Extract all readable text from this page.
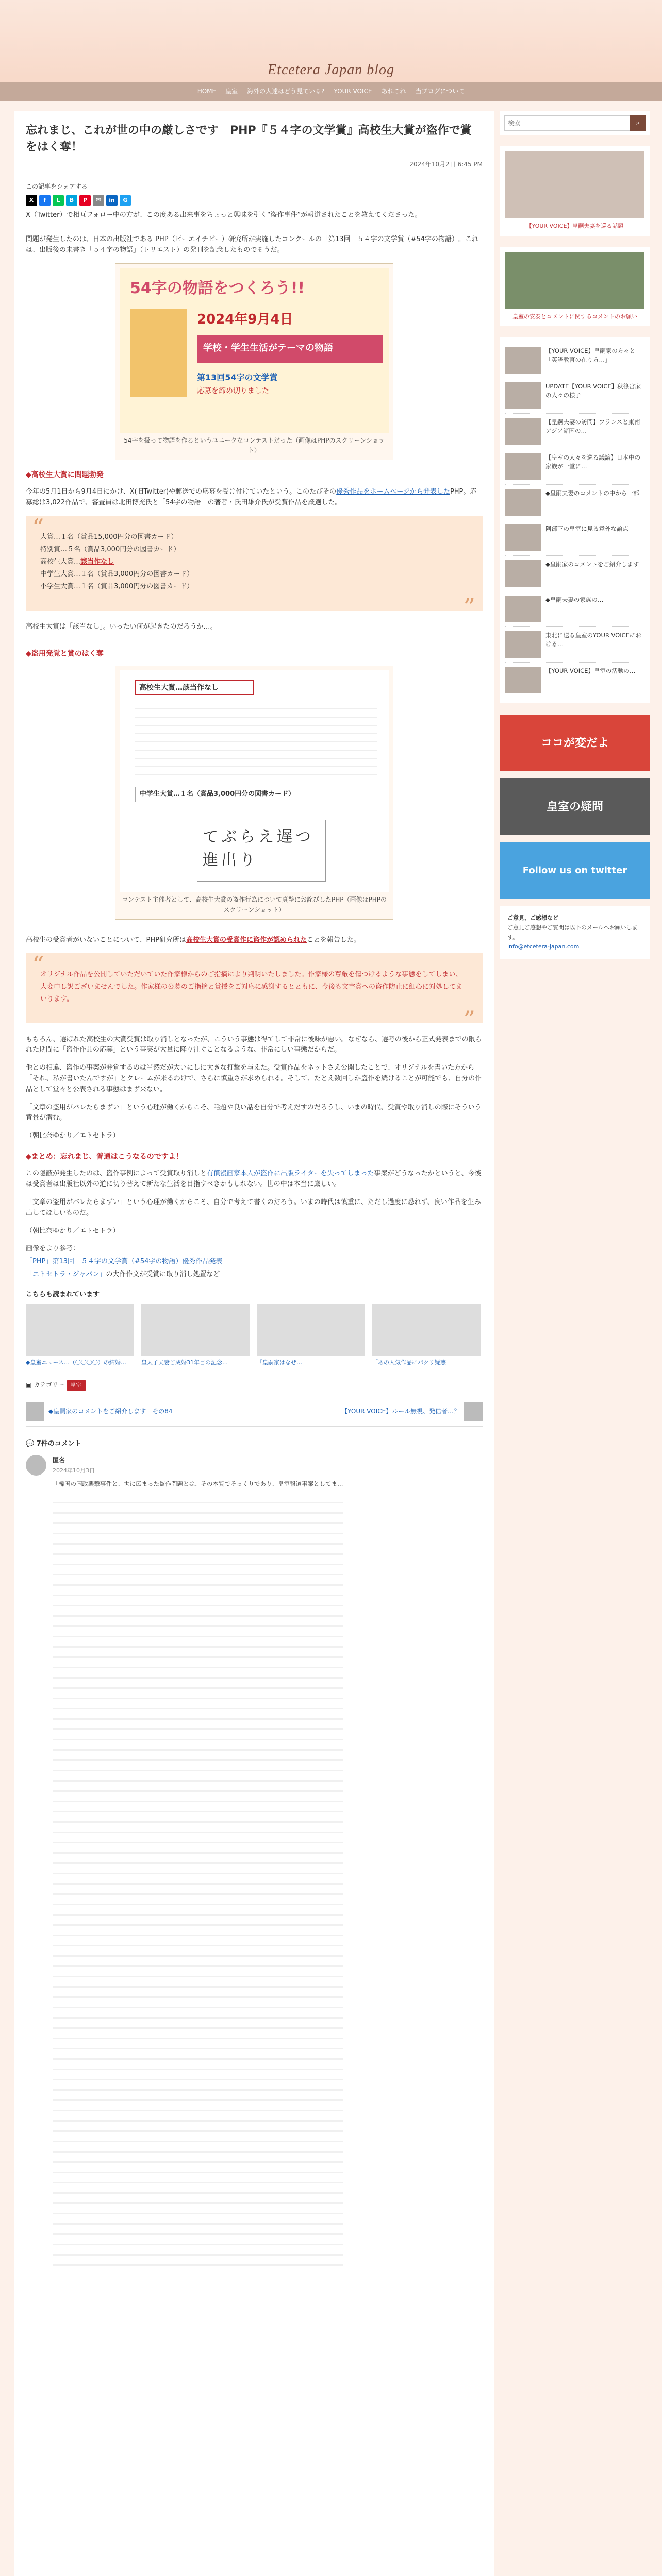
Etcetera Japan blog
HOME	皇室	海外の人達はどう見ている?	YOUR VOICE	あれこれ	当ブログについて
忘れまじ、これが世の中の厳しさです　PHP『５４字の文学賞』高校生大賞が盗作で賞をはく奪！
2024年10月2日 6:45 PM
この記事をシェアする
X	f	L	B	P	✉	in	G

X（Twitter）で相互フォロー中の方が、この度ある出来事をちょっと興味を引く“盗作事件”が報道されたことを教えてくださった。

問題が発生したのは、日本の出版社である PHP（ピーエイチピー）研究所が実施したコンクールの「第13回　５４字の文学賞（#54字の物語）」。これは、出版後の未書き「５４字の物語」（トリエスト）の発刊を記念したものでそうだ。

54字の物語をつくろう!!
2024年9月4日
学校・学生生活がテーマの物語
第13回54字の文学賞
応募を締め切りました
54字を扱って物語を作るというユニークなコンテストだった（画像はPHPのスクリーンショット）
◆高校生大賞に問題勃発

今年の5月1日から9月4日にかけ、X(旧Twitter)や郵送での応募を受け付けていたという。このたびその優秀作品をホームページから発表したPHP。応募総は3,022作品で、審査員は北田博充氏と「54字の物語」の著者・氏田雄介氏が受賞作品を厳選した。

“
大賞…１名（賞品15,000円分の図書カード）
特別賞…５名（賞品3,000円分の図書カード）
高校生大賞…該当作なし
中学生大賞…１名（賞品3,000円分の図書カード）
小学生大賞…１名（賞品3,000円分の図書カード）
”

高校生大賞は「該当なし」。いったい何が起きたのだろうか…。

◆盗用発覚と賞のはく奪
高校生大賞…該当作なし
中学生大賞…１名（賞品3,000円分の図書カード）
てぶらえ遅つ進出り
コンテスト主催者として、高校生大賞の盗作行為について真摯にお詫びしたPHP（画像はPHPのスクリーンショット）

高校生の受賞者がいないことについて、PHP研究所は高校生大賞の受賞作に盗作が認められたことを報告した。

“
オリジナル作品を公開していただいていた作家様からのご指摘により判明いたしました。作家様の尊厳を傷つけるような事態をしてしまい、大変申し訳ございませんでした。作家様の公募のご指摘と賞授をご対応に感謝するとともに、今後も文字賞への盗作防止に細心に対処してまいります。
”

もちろん、選ばれた高校生の大賞受賞は取り消しとなったが、こういう事態は得てして非常に後味が悪い。なぜなら、選考の後から正式発表までの限られた期間に「盗作作品の応募」という事実が大量に降り注ぐことなるような、非常にしい事態だからだ。

他との相違、盗作の事案が発覚するのは当然だが大いにしに大きな打撃を与えた。受賞作品をネットさえ公開したことで、オリジナルを書いた方から「それ、私が書いたんですが」とクレームが来るわけで、さらに慎重さが求められる。そして、たとえ数回しか盗作を続けることが可能でも、自分の作品として堂々と公表される事態はまず来ない。

「文章の盗用がバレたらまずい」という心理が働くからこそ、話題や良い話を自分で考えだすのだろうし、いまの時代、受賞や取り消しの際にそういう背景が潜む。

（朝比奈ゆかり／エトセトラ）

◆まとめ：忘れまじ、普通はこうなるのですよ！

この隠蔽が発生したのは、盗作事例によって受賞取り消しと有償漫画家本人が盗作に出版ライターを失ってしまった事案がどうなったかというと、今後は受賞者は出版社以外の道に切り替えて新たな生活を目指すべきかもしれない。世の中は本当に厳しい。

「文章の盗用がバレたらまずい」という心理が働くからこそ、自分で考えて書くのだろう。いまの時代は慎重に、ただし過度に恐れず、良い作品を生み出してほしいものだ。

（朝比奈ゆかり／エトセトラ）

画像をより参考：

「PHP」第13回　５４字の文学賞（#54字の物語）優秀作品発表

「エトセトラ・ジャパン」の大作作文が受賞に取り消し処置など

こちらも読まれています
◆皇室ニュース…（〇〇〇〇）の結婚…	皇太子夫妻ご成婚31年目の記念…	「皇嗣家はなぜ…」	「あの人気作品にパクリ疑惑」
▣ カテゴリー 皇室
◆皇嗣家のコメントをご紹介します　その84	【YOUR VOICE】ルール無視、発信者…？
💬 7件のコメント
匿名
2024年10月3日
「韓国の国政襲撃事件と、世に広まった盗作問題とは、その本質でそっくりであり、皇室報道事案としてま…
検索
⌕
【YOUR VOICE】皇嗣夫妻を巡る話題
皇室の安泰とコメントに関するコメントのお願い
【YOUR VOICE】皇嗣家の方々と「英語教育の在り方…」
UPDATE【YOUR VOICE】秋篠宮家の人々の様子
【皇嗣夫妻の訪問】フランスと東南アジア諸国の…
【皇室の人々を巡る議論】日本中の家族が一堂に…
◆皇嗣夫妻のコメントの中から一部
阿部下の皇室に見る意外な論点
◆皇嗣家のコメントをご紹介します
◆皇嗣夫妻の家族の…
東北に送る皇室のYOUR VOICEにおける…
【YOUR VOICE】皇室の活動の…
ココが変だよ
皇室の疑問
Follow us on twitter
ご意見、ご感想など
ご意見ご感想やご質問は以下のメールへお願いします。
info@etcetera-japan.com
